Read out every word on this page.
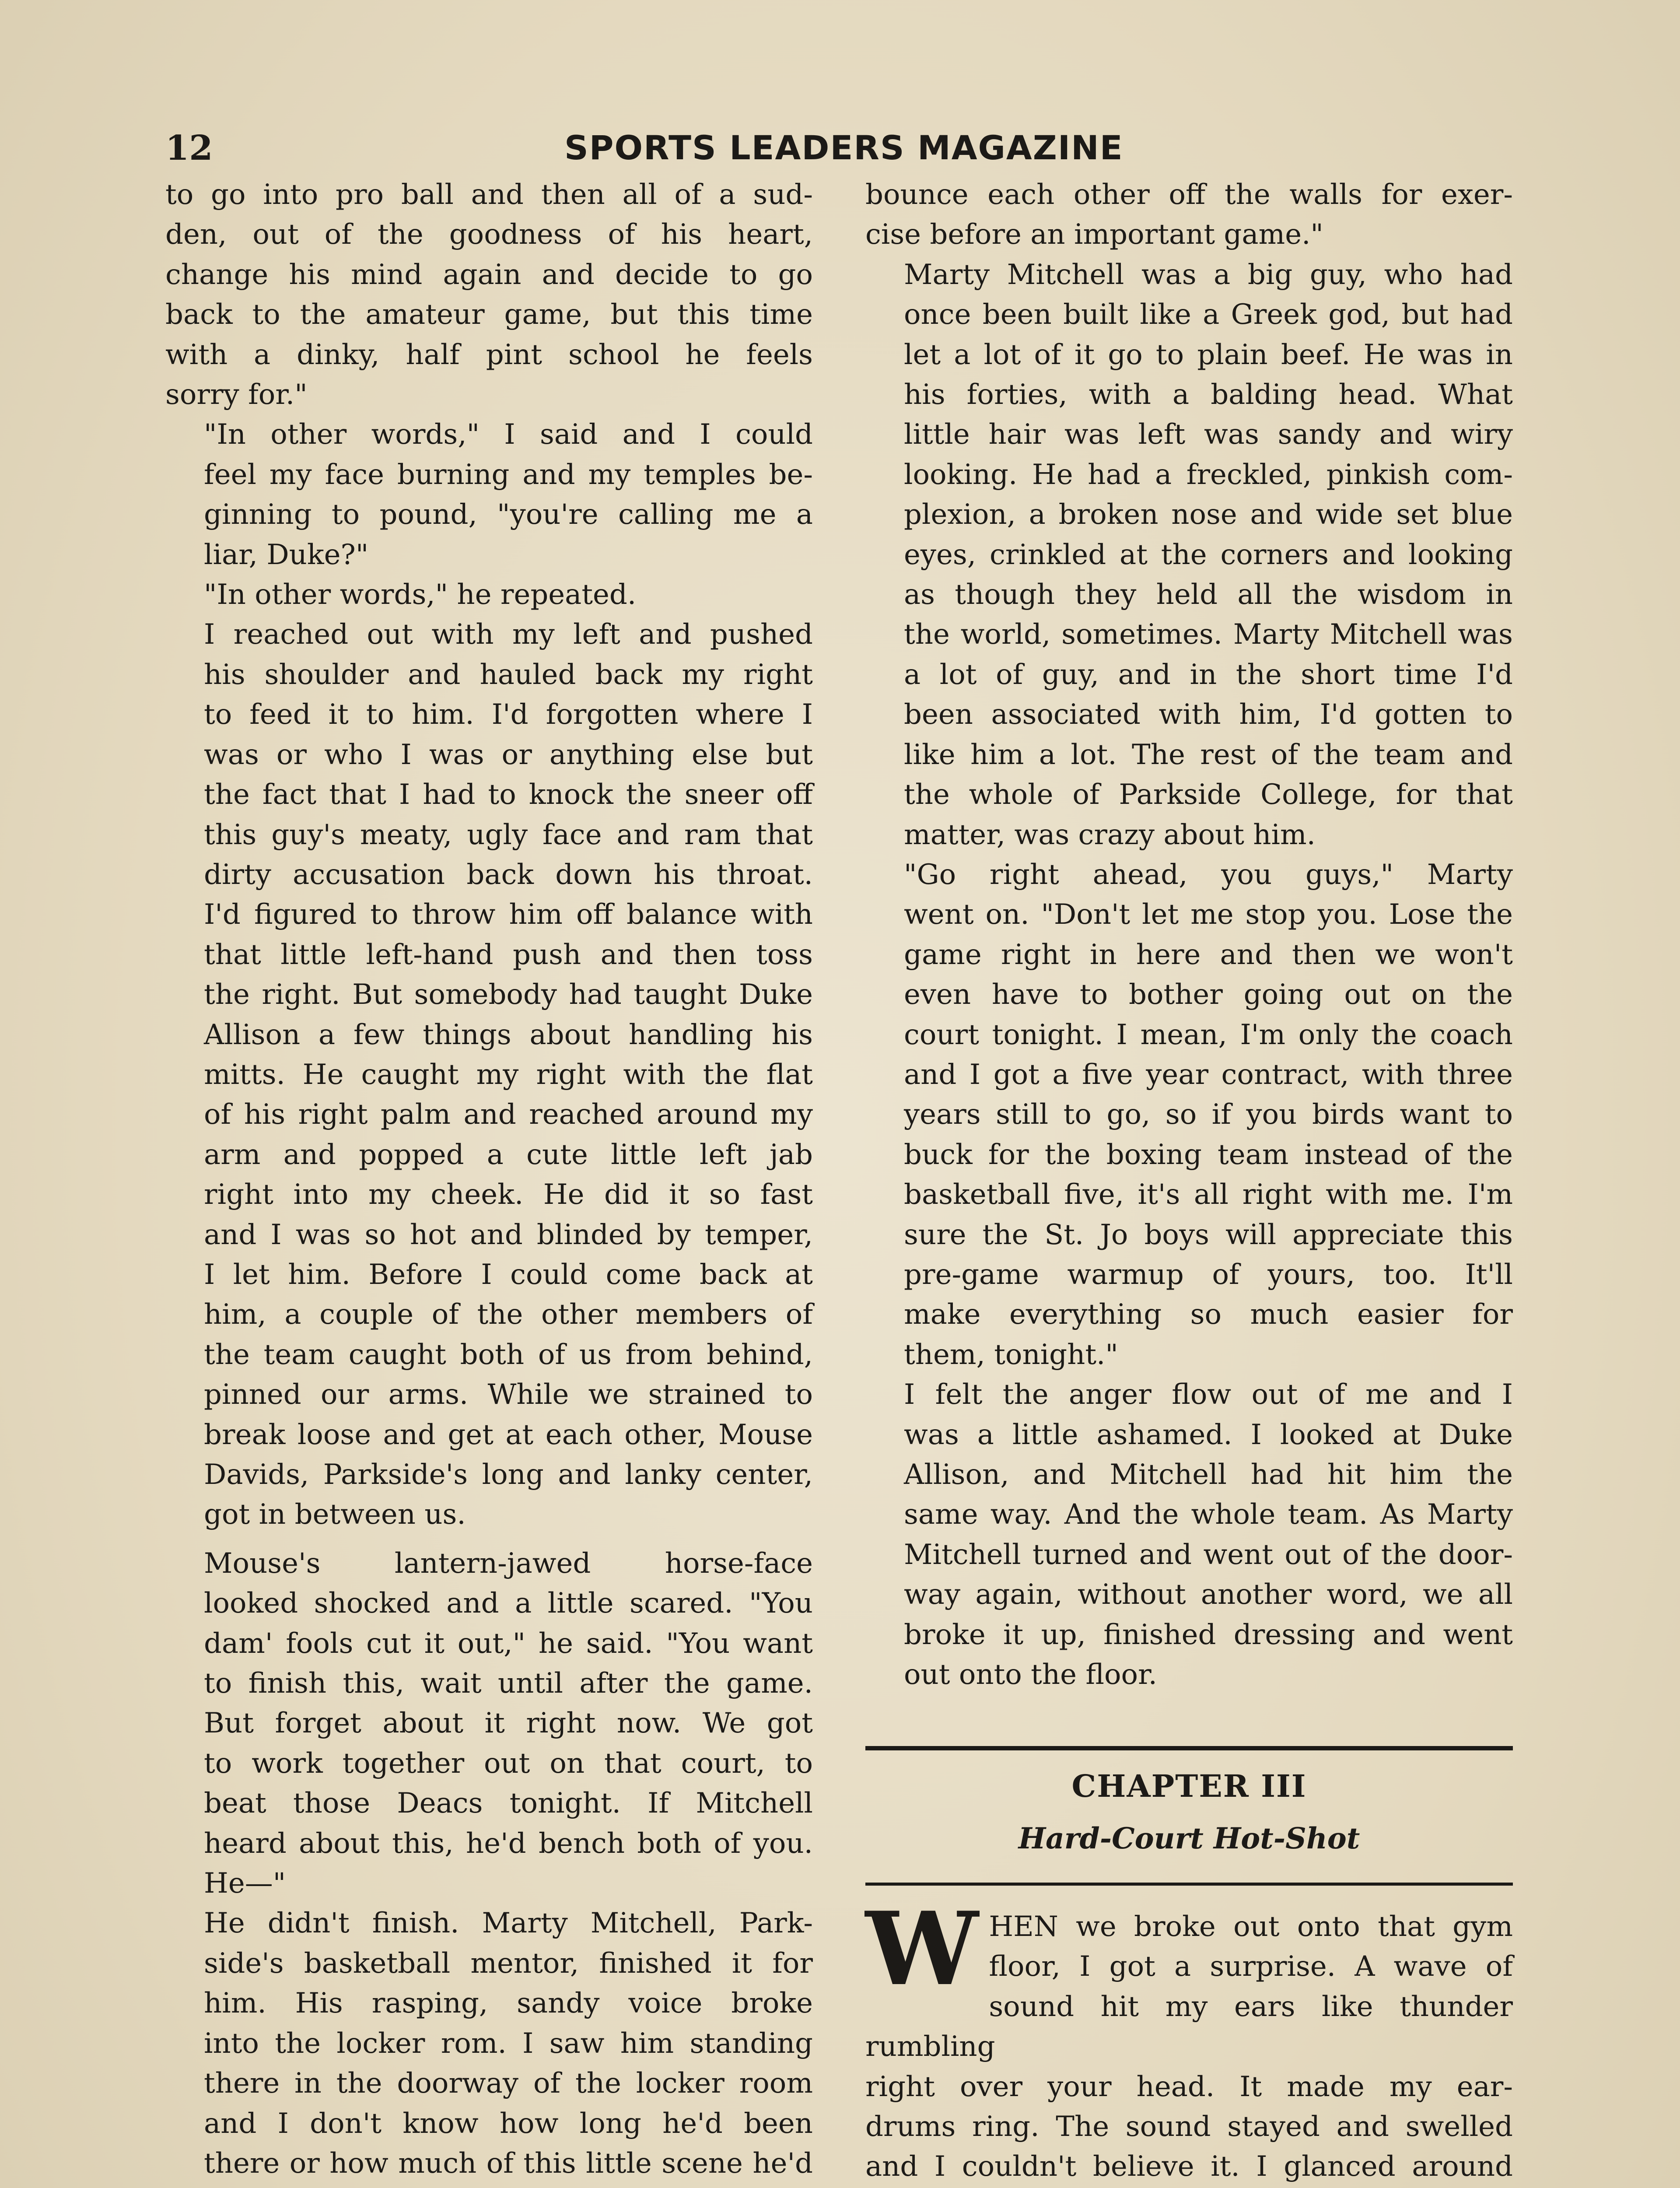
12	SPORTS LEADERS MAGAZINE

to go into pro ball and then all of a sud-
den, out of the goodness of his heart,
change his mind again and decide to go
back to the amateur game, but this time
with a dinky, half pint school he feels
sorry for."

"In other words," I said and I could
feel my face burning and my temples be-
ginning to pound, "you're calling me a
liar, Duke?"

"In other words," he repeated.

I reached out with my left and pushed
his shoulder and hauled back my right
to feed it to him. I'd forgotten where I
was or who I was or anything else but
the fact that I had to knock the sneer off
this guy's meaty, ugly face and ram that
dirty accusation back down his throat.
I'd figured to throw him off balance with
that little left-hand push and then toss
the right. But somebody had taught Duke
Allison a few things about handling his
mitts. He caught my right with the flat
of his right palm and reached around my
arm and popped a cute little left jab
right into my cheek. He did it so fast
and I was so hot and blinded by temper,
I let him. Before I could come back at
him, a couple of the other members of
the team caught both of us from behind,
pinned our arms. While we strained to
break loose and get at each other, Mouse
Davids, Parkside's long and lanky center,
got in between us.

Mouse's lantern-jawed horse-face
looked shocked and a little scared. "You
dam' fools cut it out," he said. "You want
to finish this, wait until after the game.
But forget about it right now. We got
to work together out on that court, to
beat those Deacs tonight. If Mitchell
heard about this, he'd bench both of you.
He—"

He didn't finish. Marty Mitchell, Park-
side's basketball mentor, finished it for
him. His rasping, sandy voice broke
into the locker rom. I saw him standing
there in the doorway of the locker room
and I don't know how long he'd been
there or how much of this little scene he'd

bounce each other off the walls for exer-
cise before an important game."

Marty Mitchell was a big guy, who had
once been built like a Greek god, but had
let a lot of it go to plain beef. He was in
his forties, with a balding head. What
little hair was left was sandy and wiry
looking. He had a freckled, pinkish com-
plexion, a broken nose and wide set blue
eyes, crinkled at the corners and looking
as though they held all the wisdom in
the world, sometimes. Marty Mitchell was
a lot of guy, and in the short time I'd
been associated with him, I'd gotten to
like him a lot. The rest of the team and
the whole of Parkside College, for that
matter, was crazy about him.

"Go right ahead, you guys," Marty
went on. "Don't let me stop you. Lose the
game right in here and then we won't
even have to bother going out on the
court tonight. I mean, I'm only the coach
and I got a five year contract, with three
years still to go, so if you birds want to
buck for the boxing team instead of the
basketball five, it's all right with me. I'm
sure the St. Jo boys will appreciate this
pre-game warmup of yours, too. It'll
make everything so much easier for
them, tonight."

I felt the anger flow out of me and I
was a little ashamed. I looked at Duke
Allison, and Mitchell had hit him the
same way. And the whole team. As Marty
Mitchell turned and went out of the door-
way again, without another word, we all
broke it up, finished dressing and went
out onto the floor.

CHAPTER III
Hard-Court Hot-Shot

W HEN we broke out onto that gym
floor, I got a surprise. A wave of
sound hit my ears like thunder rumbling
right over your head. It made my ear-
drums ring. The sound stayed and swelled
and I couldn't believe it. I glanced around
